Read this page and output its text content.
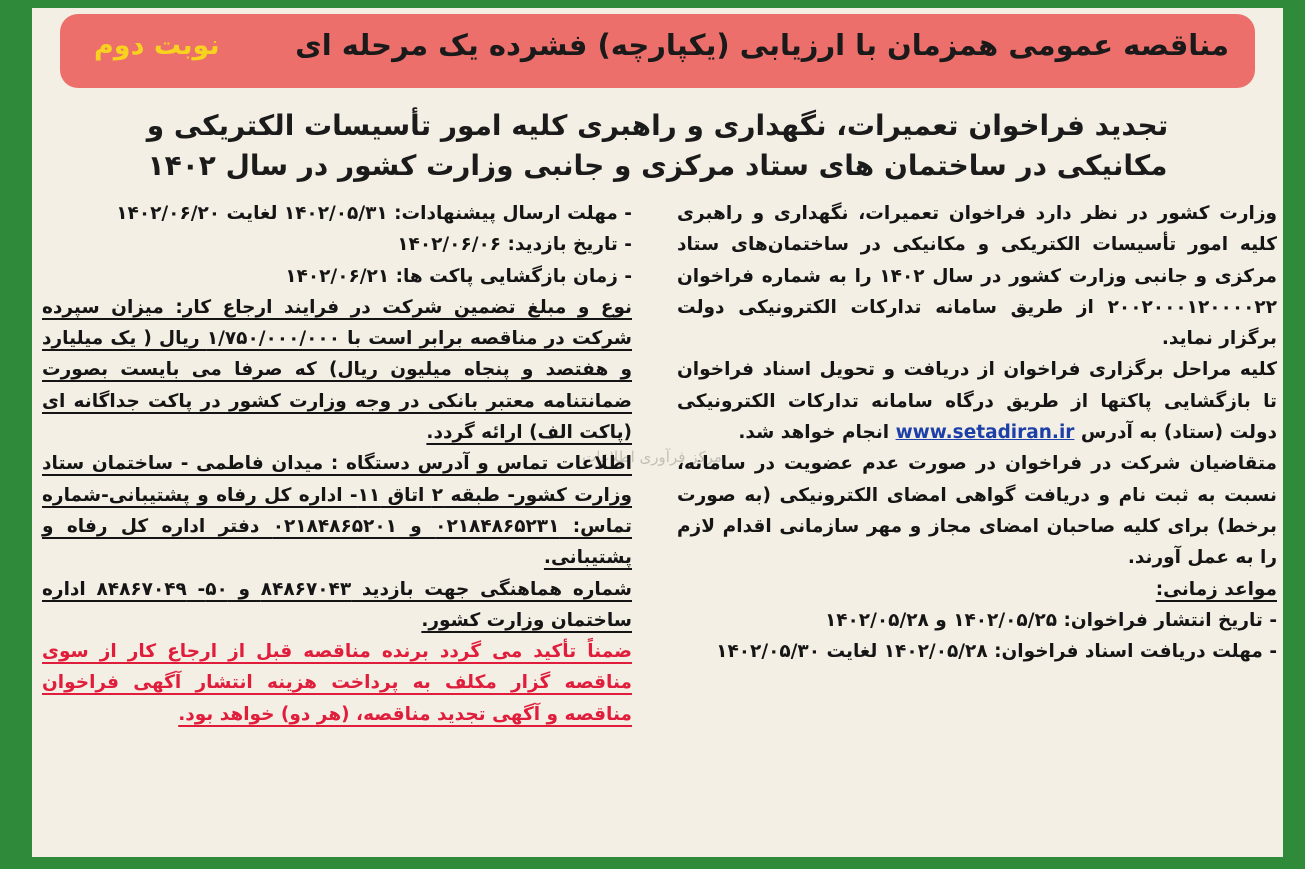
مناقصه عمومی همزمان با ارزیابی (یکپارچه) فشرده یک مرحله ای
نوبت دوم
تجدید فراخوان تعمیرات، نگهداری و راهبری کلیه امور تأسیسات الکتریکی و
مکانیکی در ساختمان های ستاد مرکزی و جانبی وزارت کشور در سال ۱۴۰۲
مرکز فرآوری اطلاعات

وزارت کشور در نظر دارد فراخوان تعمیرات، نگهداری و راهبری کلیه امور تأسیسات الکتریکی و مکانیکی در ساختمان‌های ستاد مرکزی و جانبی وزارت کشور در سال ۱۴۰۲ را به شماره فراخوان ۲۰۰۲۰۰۰۱۲۰۰۰۰۲۲ از طریق سامانه تدارکات الکترونیکی دولت برگزار نماید.

کلیه مراحل برگزاری فراخوان از دریافت و تحویل اسناد فراخوان تا بازگشایی پاکتها از طریق درگاه سامانه تدارکات الکترونیکی دولت (ستاد) به آدرس www.setadiran.ir انجام خواهد شد.

متقاضیان شرکت در فراخوان در صورت عدم عضویت در سامانه، نسبت به ثبت نام و دریافت گواهی امضای الکترونیکی (به صورت برخط) برای کلیه صاحبان امضای مجاز و مهر سازمانی اقدام لازم را به عمل آورند.

مواعد زمانی:

- تاریخ انتشار فراخوان: ۱۴۰۲/۰۵/۲۵ و ۱۴۰۲/۰۵/۲۸

- مهلت دریافت اسناد فراخوان: ۱۴۰۲/۰۵/۲۸ لغایت ۱۴۰۲/۰۵/۳۰

- مهلت ارسال پیشنهادات: ۱۴۰۲/۰۵/۳۱ لغایت ۱۴۰۲/۰۶/۲۰

- تاریخ بازدید: ۱۴۰۲/۰۶/۰۶

- زمان بازگشایی پاکت ها: ۱۴۰۲/۰۶/۲۱

نوع و مبلغ تضمین شرکت در فرایند ارجاع کار: میزان سپرده شرکت در مناقصه برابر است با ۱/۷۵۰/۰۰۰/۰۰۰ ریال ( یک میلیارد و هفتصد و پنجاه میلیون ریال) که صرفا می بایست بصورت ضمانتنامه معتبر بانکی در وجه وزارت کشور در پاکت جداگانه ای (پاکت الف) ارائه گردد.

اطلاعات تماس و آدرس دستگاه : میدان فاطمی - ساختمان ستاد وزارت کشور- طبقه ۲ اتاق ۱۱- اداره کل رفاه و پشتیبانی-شماره تماس: ۰۲۱۸۴۸۶۵۲۳۱ و ۰۲۱۸۴۸۶۵۲۰۱ دفتر اداره کل رفاه و پشتیبانی.

شماره هماهنگی جهت بازدید ۸۴۸۶۷۰۴۳ و ۵۰- ۸۴۸۶۷۰۴۹ اداره ساختمان وزارت کشور.

ضمناً تأکید می گردد برنده مناقصه قبل از ارجاع کار از سوی مناقصه گزار مکلف به پرداخت هزینه انتشار آگهی فراخوان مناقصه و آگهی تجدید مناقصه، (هر دو) خواهد بود.
